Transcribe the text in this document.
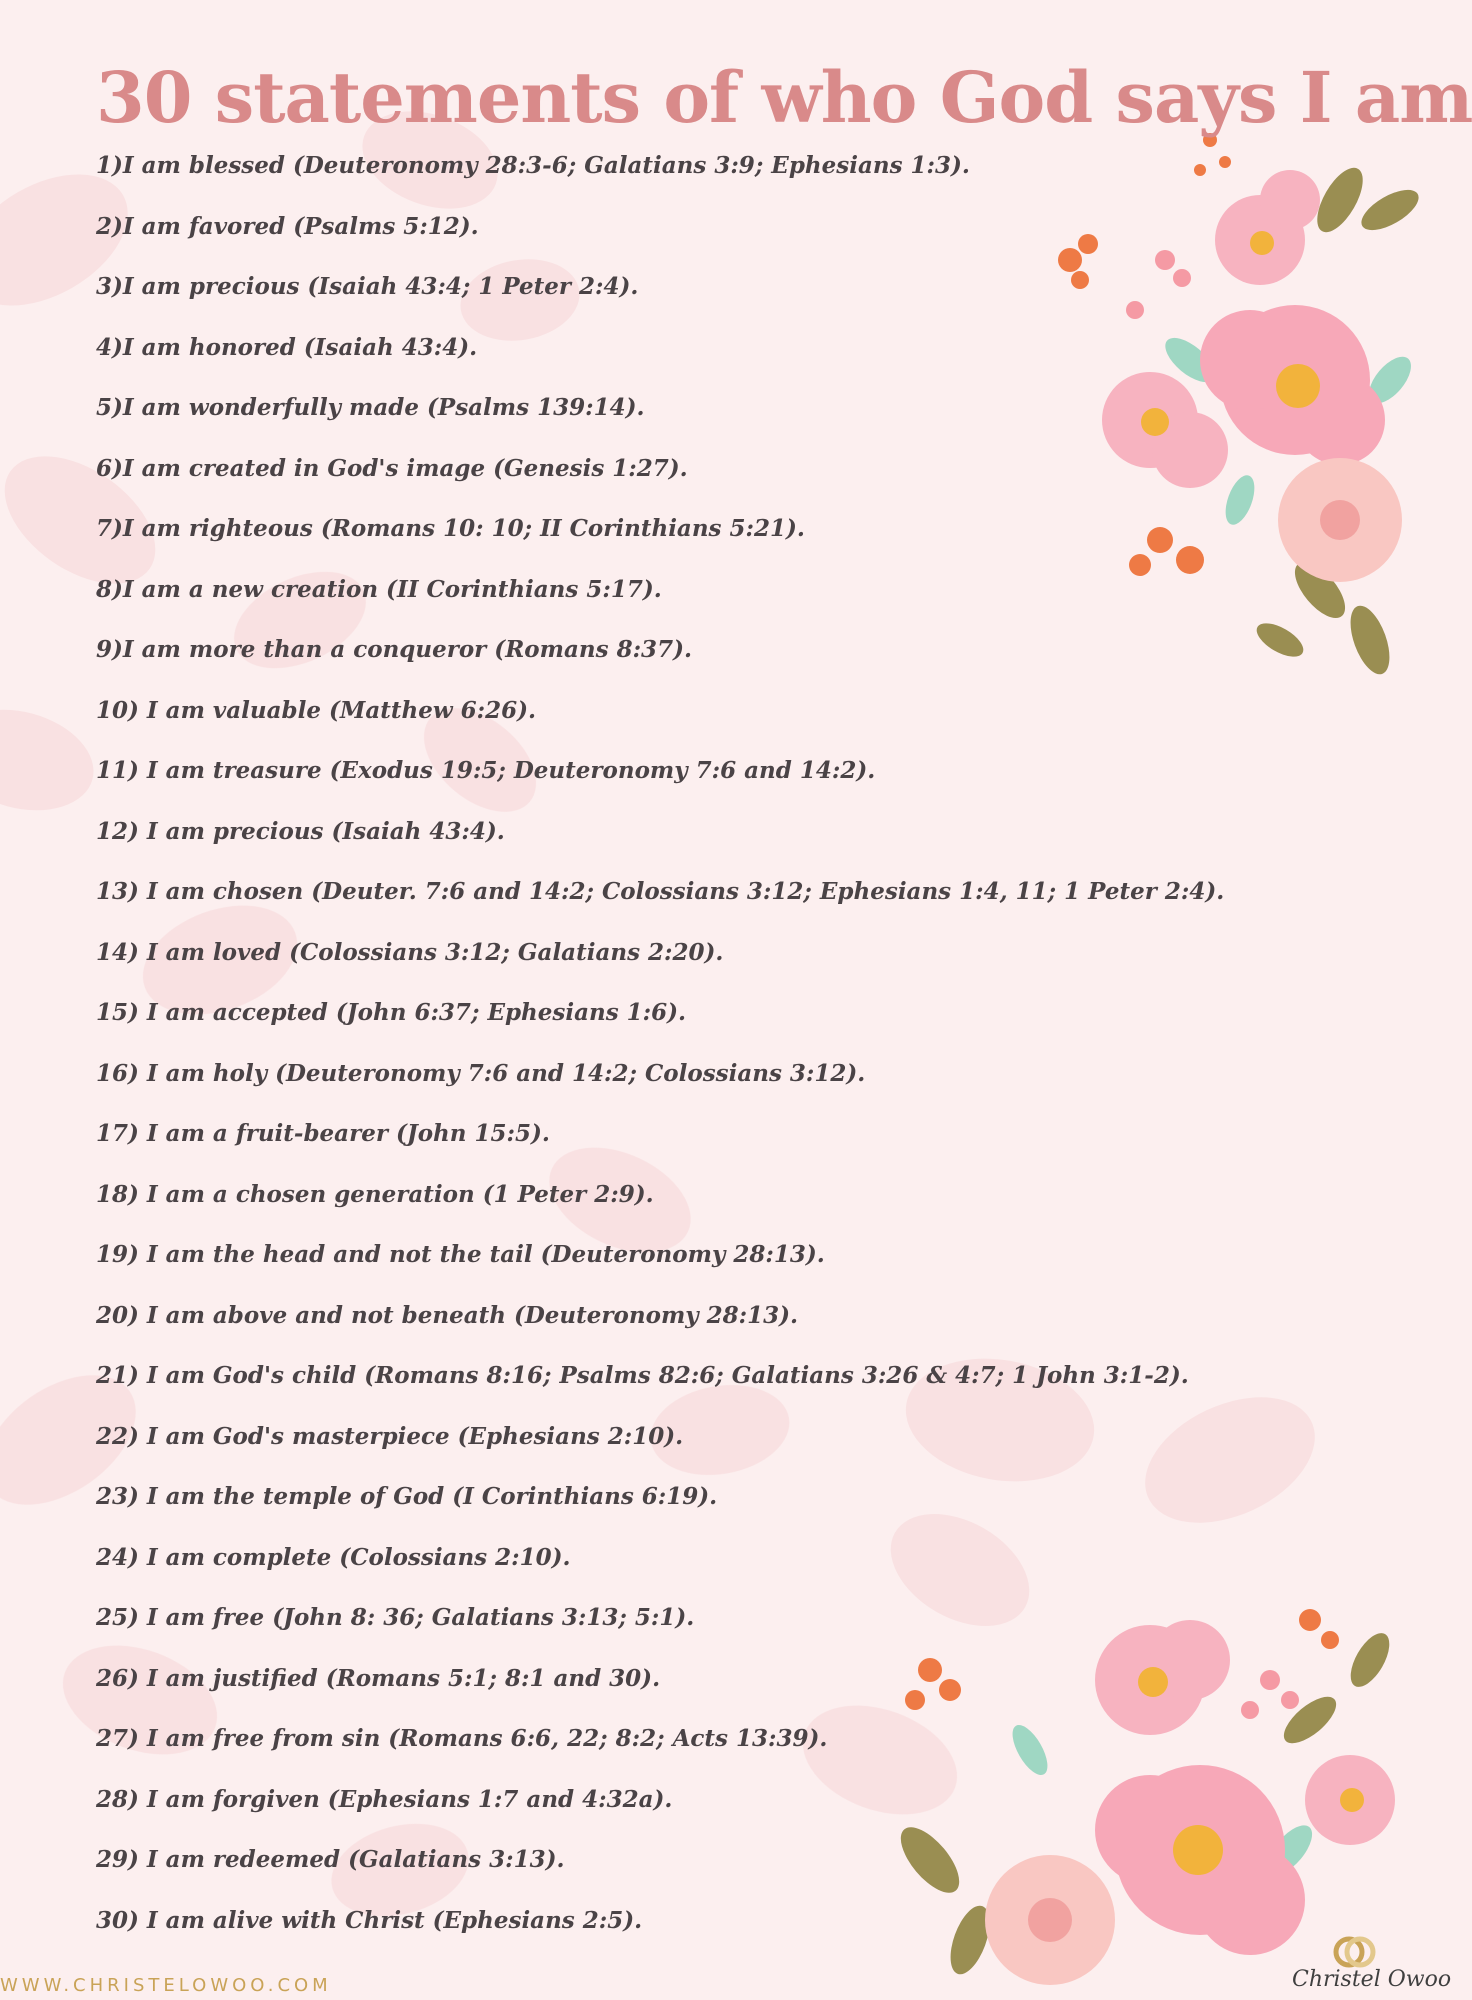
30 statements of who God says I am
1)I am blessed (Deuteronomy 28:3-6; Galatians 3:9; Ephesians 1:3).
2)I am favored (Psalms 5:12).
3)I am precious (Isaiah 43:4; 1 Peter 2:4).
4)I am honored (Isaiah 43:4).
5)I am wonderfully made (Psalms 139:14).
6)I am created in God's image (Genesis 1:27).
7)I am righteous (Romans 10: 10; II Corinthians 5:21).
8)I am a new creation (II Corinthians 5:17).
9)I am more than a conqueror (Romans 8:37).
10) I am valuable (Matthew 6:26).
11) I am treasure (Exodus 19:5; Deuteronomy 7:6 and 14:2).
12) I am precious (Isaiah 43:4).
13) I am chosen (Deuter. 7:6 and 14:2; Colossians 3:12; Ephesians 1:4, 11; 1 Peter 2:4).
14) I am loved (Colossians 3:12; Galatians 2:20).
15) I am accepted (John 6:37; Ephesians 1:6).
16) I am holy (Deuteronomy 7:6 and 14:2; Colossians 3:12).
17) I am a fruit-bearer (John 15:5).
18) I am a chosen generation (1 Peter 2:9).
19) I am the head and not the tail (Deuteronomy 28:13).
20) I am above and not beneath (Deuteronomy 28:13).
21) I am God's child (Romans 8:16; Psalms 82:6; Galatians 3:26 & 4:7; 1 John 3:1-2).
22) I am God's masterpiece (Ephesians 2:10).
23) I am the temple of God (I Corinthians 6:19).
24) I am complete (Colossians 2:10).
25) I am free (John 8: 36; Galatians 3:13; 5:1).
26) I am justified (Romans 5:1; 8:1 and 30).
27) I am free from sin (Romans 6:6, 22; 8:2; Acts 13:39).
28) I am forgiven (Ephesians 1:7 and 4:32a).
29) I am redeemed (Galatians 3:13).
30) I am alive with Christ (Ephesians 2:5).
WWW.CHRISTELOWOO.COM	Christel Owoo
